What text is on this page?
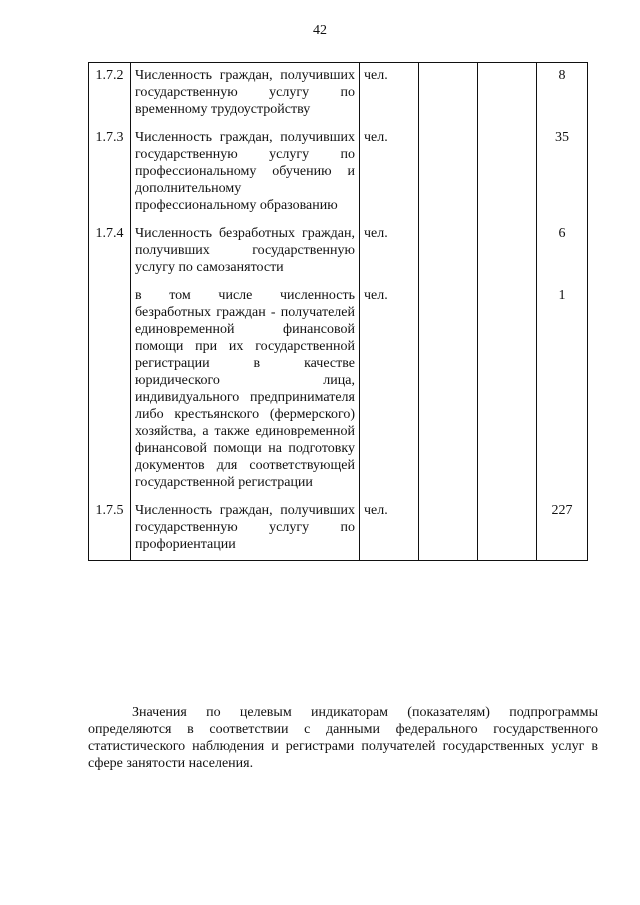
42
1.7.2	Численность граждан, получивших государственную услугу по временному трудоустройству	чел.			8
1.7.3	Численность граждан, получивших государственную услугу по профессиональному обучению и дополнительному профессиональному образованию	чел.			35
1.7.4	Численность безработных граждан, получивших государственную услугу по самозанятости	чел.			6
	в том числе численность безработных граждан - получателей единовременной финансовой помощи при их государственной регистрации в качестве юридического лица, индивидуального предпринимателя либо крестьянского (фермерского) хозяйства, а также единовременной финансовой помощи на подготовку документов для соответствующей государственной регистрации	чел.			1
1.7.5	Численность граждан, получивших государственную услугу по профориентации	чел.			227

Значения по целевым индикаторам (показателям) подпрограммы определяются в соответствии с данными федерального государственного статистического наблюдения и регистрами получателей государственных услуг в сфере занятости населения.
